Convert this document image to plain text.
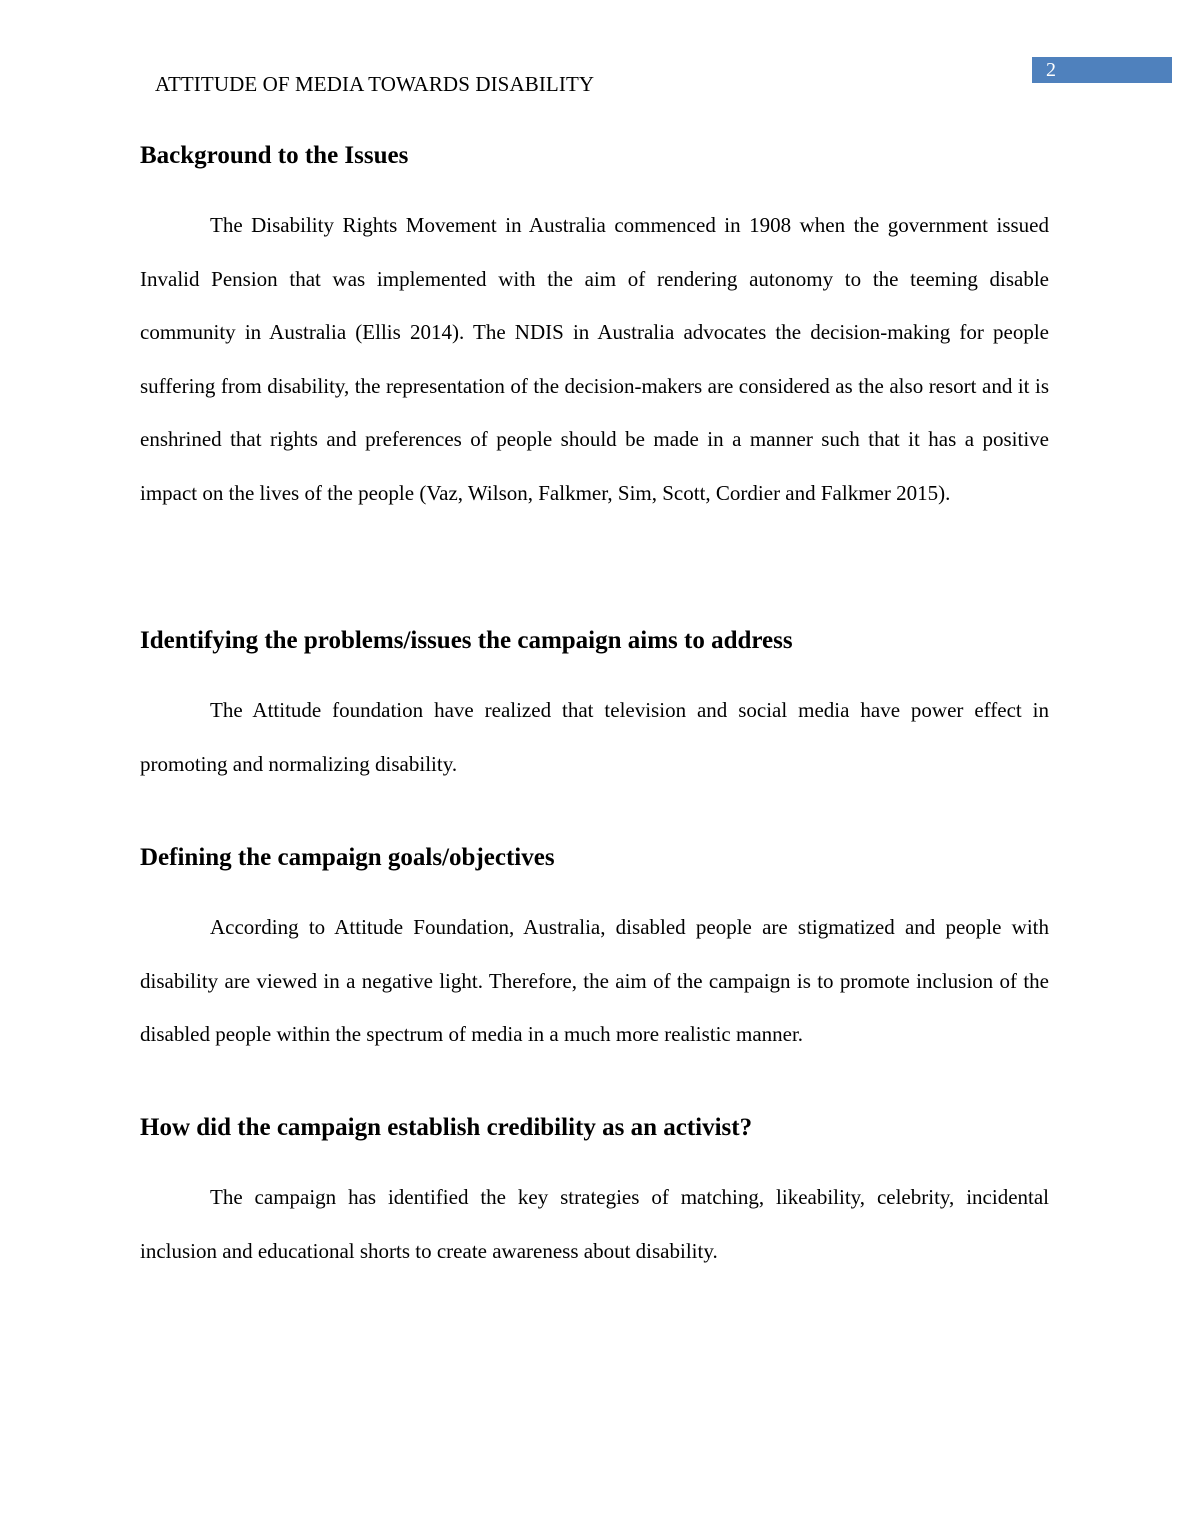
ATTITUDE OF MEDIA TOWARDS DISABILITY
2
Background to the Issues

The Disability Rights Movement in Australia commenced in 1908 when the government issued Invalid Pension that was implemented with the aim of rendering autonomy to the teeming disable community in Australia (Ellis 2014). The NDIS in Australia advocates the decision-making for people suffering from disability, the representation of the decision-makers are considered as the also resort and it is enshrined that rights and preferences of people should be made in a manner such that it has a positive impact on the lives of the people (Vaz, Wilson, Falkmer, Sim, Scott, Cordier and Falkmer 2015).

Identifying the problems/issues the campaign aims to address

The Attitude foundation have realized that television and social media have power effect in promoting and normalizing disability.

Defining the campaign goals/objectives

According to Attitude Foundation, Australia, disabled people are stigmatized and people with disability are viewed in a negative light. Therefore, the aim of the campaign is to promote inclusion of the disabled people within the spectrum of media in a much more realistic manner.

How did the campaign establish credibility as an activist?

The campaign has identified the key strategies of matching, likeability, celebrity, incidental inclusion and educational shorts to create awareness about disability.
